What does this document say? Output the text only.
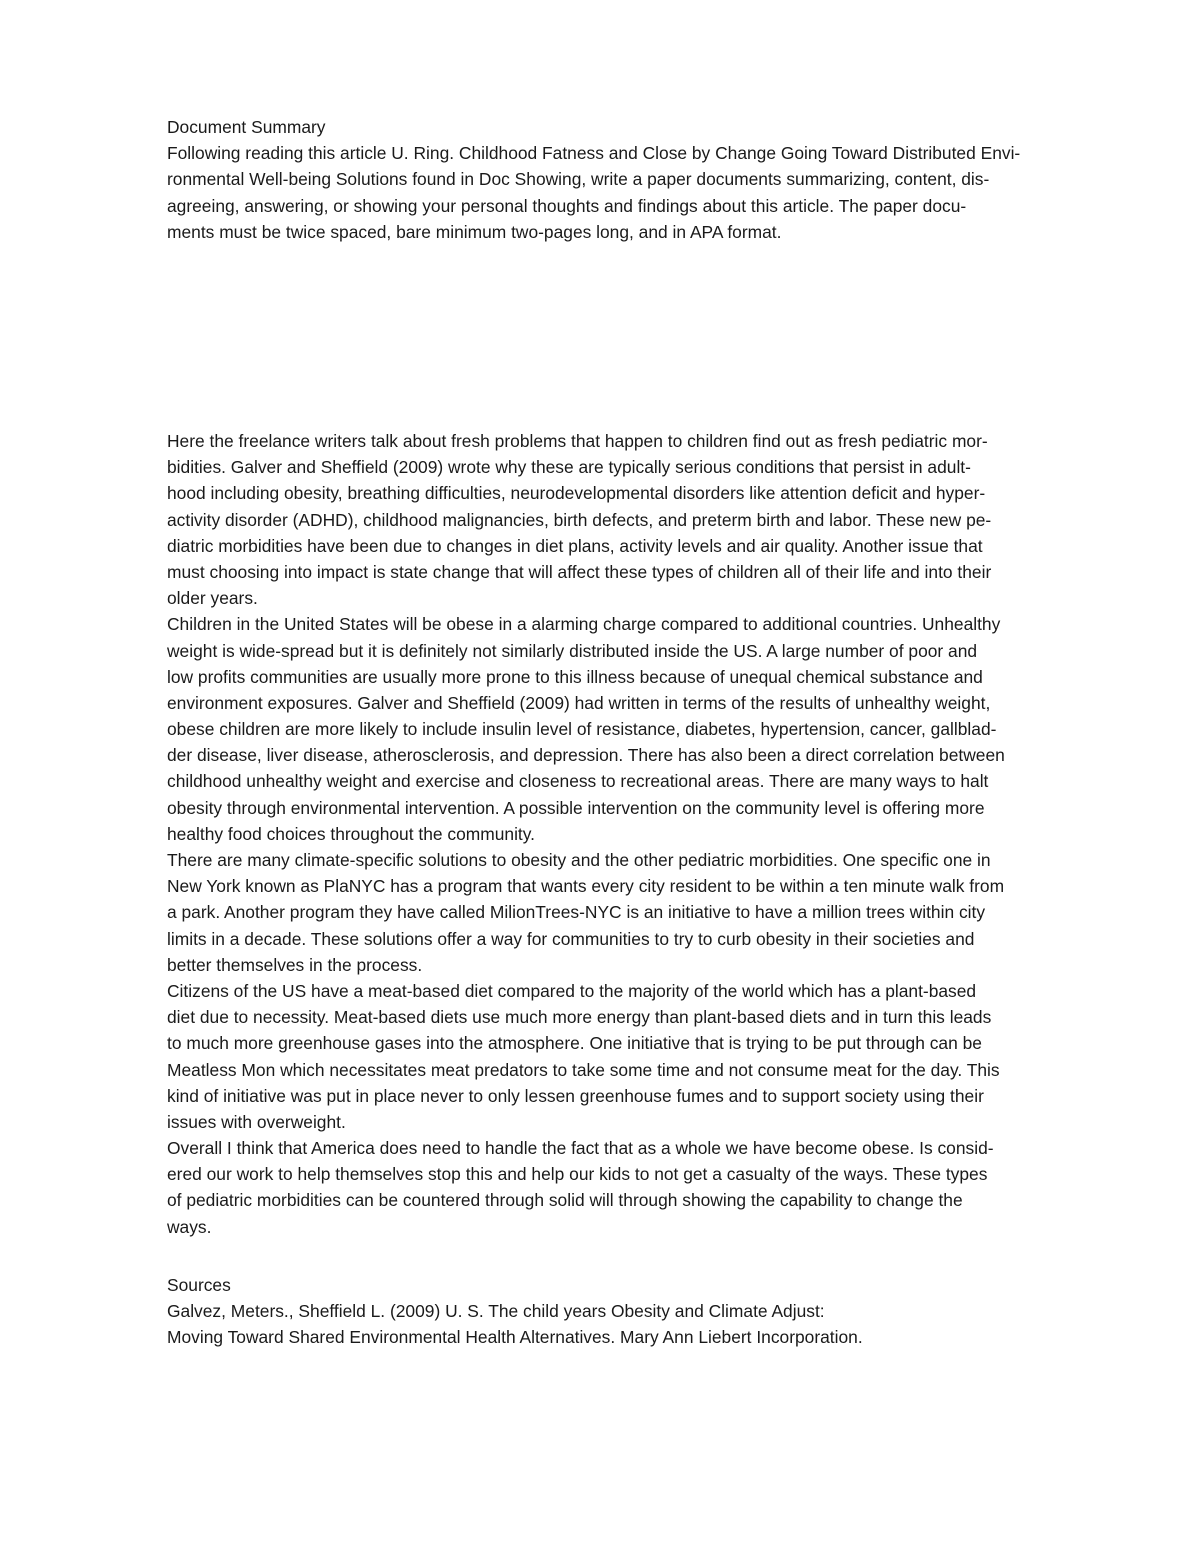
Document Summary
Following reading this article U. Ring. Childhood Fatness and Close by Change Going Toward Distributed Envi-
ronmental Well-being Solutions found in Doc Showing, write a paper documents summarizing, content, dis-
agreeing, answering, or showing your personal thoughts and findings about this article. The paper docu-
ments must be twice spaced, bare minimum two-pages long, and in APA format.
Here the freelance writers talk about fresh problems that happen to children find out as fresh pediatric mor-
bidities. Galver and Sheffield (2009) wrote why these are typically serious conditions that persist in adult-
hood including obesity, breathing difficulties, neurodevelopmental disorders like attention deficit and hyper-
activity disorder (ADHD), childhood malignancies, birth defects, and preterm birth and labor. These new pe-
diatric morbidities have been due to changes in diet plans, activity levels and air quality. Another issue that
must choosing into impact is state change that will affect these types of children all of their life and into their
older years.
Children in the United States will be obese in a alarming charge compared to additional countries. Unhealthy
weight is wide-spread but it is definitely not similarly distributed inside the US. A large number of poor and
low profits communities are usually more prone to this illness because of unequal chemical substance and
environment exposures. Galver and Sheffield (2009) had written in terms of the results of unhealthy weight,
obese children are more likely to include insulin level of resistance, diabetes, hypertension, cancer, gallblad-
der disease, liver disease, atherosclerosis, and depression. There has also been a direct correlation between
childhood unhealthy weight and exercise and closeness to recreational areas. There are many ways to halt
obesity through environmental intervention. A possible intervention on the community level is offering more
healthy food choices throughout the community.
There are many climate-specific solutions to obesity and the other pediatric morbidities. One specific one in
New York known as PlaNYC has a program that wants every city resident to be within a ten minute walk from
a park. Another program they have called MilionTrees-NYC is an initiative to have a million trees within city
limits in a decade. These solutions offer a way for communities to try to curb obesity in their societies and
better themselves in the process.
Citizens of the US have a meat-based diet compared to the majority of the world which has a plant-based
diet due to necessity. Meat-based diets use much more energy than plant-based diets and in turn this leads
to much more greenhouse gases into the atmosphere. One initiative that is trying to be put through can be
Meatless Mon which necessitates meat predators to take some time and not consume meat for the day. This
kind of initiative was put in place never to only lessen greenhouse fumes and to support society using their
issues with overweight.
Overall I think that America does need to handle the fact that as a whole we have become obese. Is consid-
ered our work to help themselves stop this and help our kids to not get a casualty of the ways. These types
of pediatric morbidities can be countered through solid will through showing the capability to change the
ways.
Sources
Galvez, Meters., Sheffield L. (2009) U. S. The child years Obesity and Climate Adjust:
Moving Toward Shared Environmental Health Alternatives. Mary Ann Liebert Incorporation.
